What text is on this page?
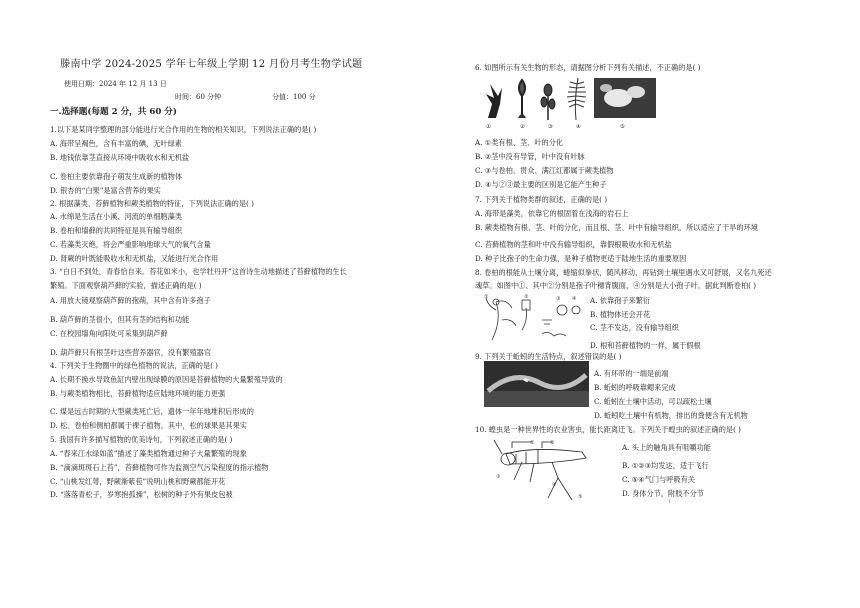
滕南中学 2024-2025 学年七年级上学期 12 月份月考生物学试题
使用日期：2024 年 12 月 13 日
时间：60 分钟	分值：100 分
一.选择题(每题 2 分，共 60 分)
1.以下是某同学整理的部分能进行光合作用的生物的相关知识，下列说法正确的是( )
A. 海带呈褐色，含有丰富的碘，无叶绿素
B. 地钱依靠茎直接从环境中吸收水和无机盐
C. 卷柏主要依靠孢子萌发生成新的植物体
D. 银杏的“白果”是富含营养的果实
2. 根据藻类、苔藓植物和蕨类植物的特征，下列说法正确的是( )
A. 水绵是生活在小溪、河流的单细胞藻类
B. 卷柏和墙藓的共同特征是具有输导组织
C. 若藻类灭绝，将会严重影响地球大气的氧气含量
D. 肾蕨的叶既能吸收水和无机盐，又能进行光合作用
3. “白日不到处，青春恰自来。苔花如米小，也学牡丹开”这首诗生动地描述了苔藓植物的生长
繁殖。下面观察葫芦藓的实验，描述正确的是( )
A. 用放大镜观察葫芦藓的孢蒴，其中含有许多孢子
B. 葫芦藓的茎很小，但其有茎的结构和功能
C. 在校园墙角向阳处可采集到葫芦藓
D. 葫芦藓只有根茎叶这些营养器官，没有繁殖器官
4. 下列关于生物圈中的绿色植物的说法，正确的是( )
A. 长期不换水导致鱼缸内壁出现绿膜的原因是苔藓植物的大量繁殖导致的
B. 与蕨类植物相比，苔藓植物适应陆地环境的能力更强
C. 煤是远古时期的大型蕨类死亡后，遗体一年年地堆积后形成的
D. 松、卷柏和侧柏都属于裸子植物，其中，松的球果是其果实
5. 我国有许多描写植物的优美诗句，下列叙述正确的是( )
A. “春来江水绿如蓝”描述了藻类植物通过种子大量繁殖的现象
B. “滴滴斑斑石上苔”，苔藓植物可作为监测空气污染程度的指示植物
C. “山桃发红萼，野蕨渐紫苞”说明山桃和野蕨都能开花
D. “落落青松子，岁寒抱孤操”，松树的种子外有果皮包被
6. 如图所示有关生物的形态，请据图分析下列有关描述，不正确的是( )
①	②	③	④	⑤
A. ①类有根、茎、叶的分化
B. ②茎中没有导管，叶中没有叶脉
C. ③与卷柏、贯众、满江红都属于蕨类植物
D. ④与②③最主要的区别是它能产生种子
7. 下列关于植物类群的叙述，正确的是( )
A. 海带是藻类，依靠它的根固着在浅海的岩石上
B. 蕨类植物有根、茎、叶的分化，而且根、茎、叶中有输导组织，所以适应了干旱的环境
C. 苔藓植物的茎和叶中没有输导组织，靠假根吸收水和无机盐
D. 种子比孢子的生命力强，是种子植物更适于陆地生活的重要原因
8. 卷柏的根能从土壤分离，蜷缩似拳状，随风移动，再钻到土壤里遇水又可舒展，又名九死还
魂草。如图中①、其中②分别是孢子叶穗背腹面，④分别是大小孢子叶。据此判断卷柏( )
A. 依靠孢子来繁衍
B. 植物体还会开花
C. 茎不发达，没有输导组织
D. 根和苔藓植物的一样，属于假根
9. 下列关于蚯蚓的生活特点，叙述错误的是( )
A. 有环带的一端是前端
B. 蚯蚓的呼吸靠鳃来完成
C. 蚯蚓在土壤中活动，可以疏松土壤
D. 蚯蚓吃土壤中有机物，排出的粪便含有无机物
10. 蝗虫是一种世界性的农业害虫，能长距离迁飞。下列关于蝗虫的叙述正确的是( )
A. 头上的触角具有咀嚼功能
B. ①②③均发达，适于飞行
C. ⑤④气门与呼吸有关
D. 身体分节，附肢不分节
①	②	③ ④
①	②
③
④
⑤
1
